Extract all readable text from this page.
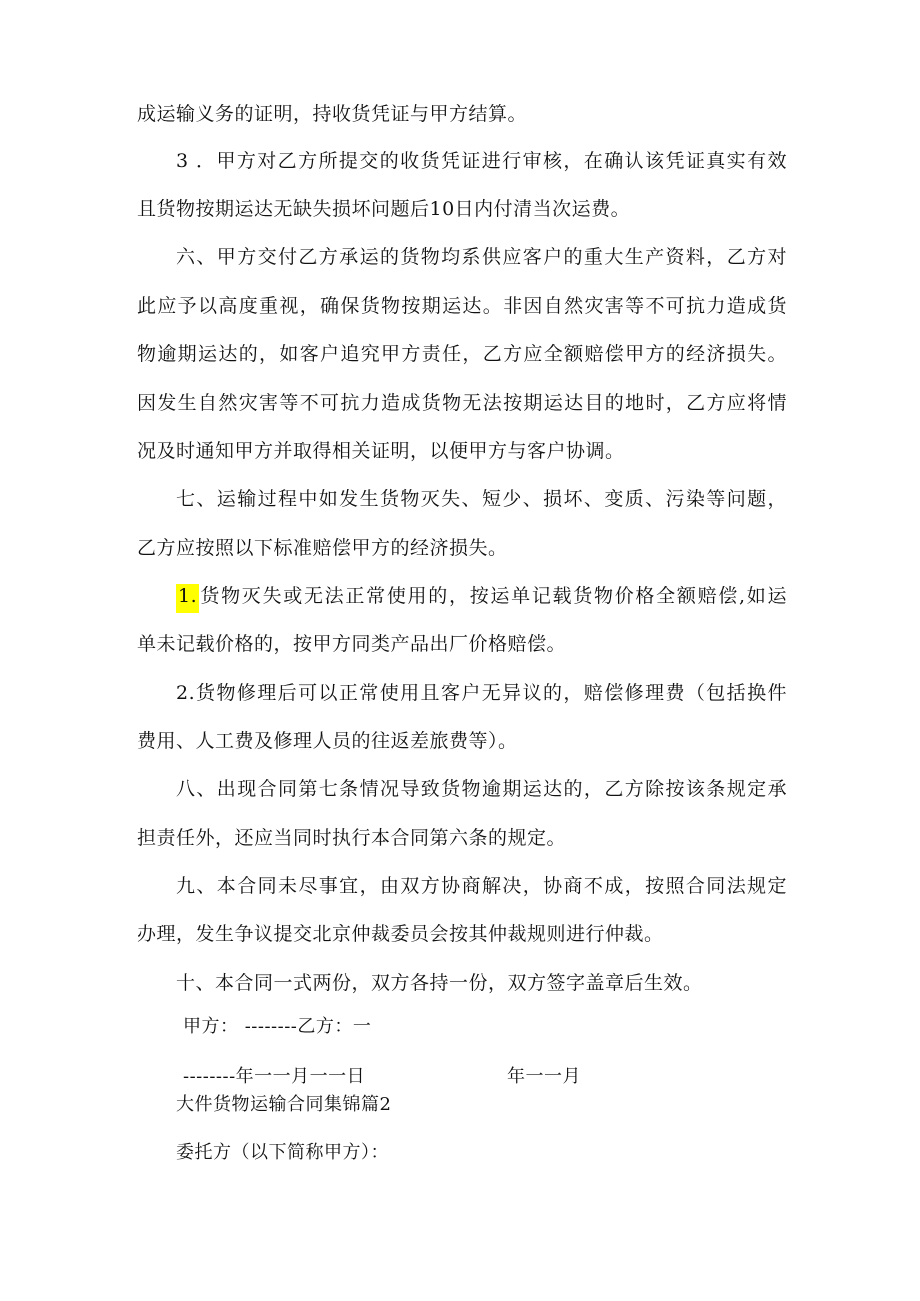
成运输义务的证明，持收货凭证与甲方结算。
3 ．甲方对乙方所提交的收货凭证进行审核，在确认该凭证真实有效
且货物按期运达无缺失损坏问题后10日内付清当次运费。
六、甲方交付乙方承运的货物均系供应客户的重大生产资料，乙方对
此应予以高度重视，确保货物按期运达。非因自然灾害等不可抗力造成货
物逾期运达的，如客户追究甲方责任，乙方应全额赔偿甲方的经济损失。
因发生自然灾害等不可抗力造成货物无法按期运达目的地时，乙方应将情
况及时通知甲方并取得相关证明，以便甲方与客户协调。
七、运输过程中如发生货物灭失、短少、损坏、变质、污染等问题，
乙方应按照以下标准赔偿甲方的经济损失。
1. 货物灭失或无法正常使用的，按运单记载货物价格全额赔偿,如运
单未记载价格的，按甲方同类产品出厂价格赔偿。
2.货物修理后可以正常使用且客户无异议的，赔偿修理费（包括换件
费用、人工费及修理人员的往返差旅费等）。
八、出现合同第七条情况导致货物逾期运达的，乙方除按该条规定承
担责任外，还应当同时执行本合同第六条的规定。
九、本合同未尽事宜，由双方协商解决，协商不成，按照合同法规定
办理，发生争议提交北京仲裁委员会按其仲裁规则进行仲裁。
十、本合同一式两份，双方各持一份，双方签字盖章后生效。
甲方： --------乙方：一
--------年一一月一一日	年一一月
大件货物运输合同集锦篇2
委托方（以下简称甲方）：
